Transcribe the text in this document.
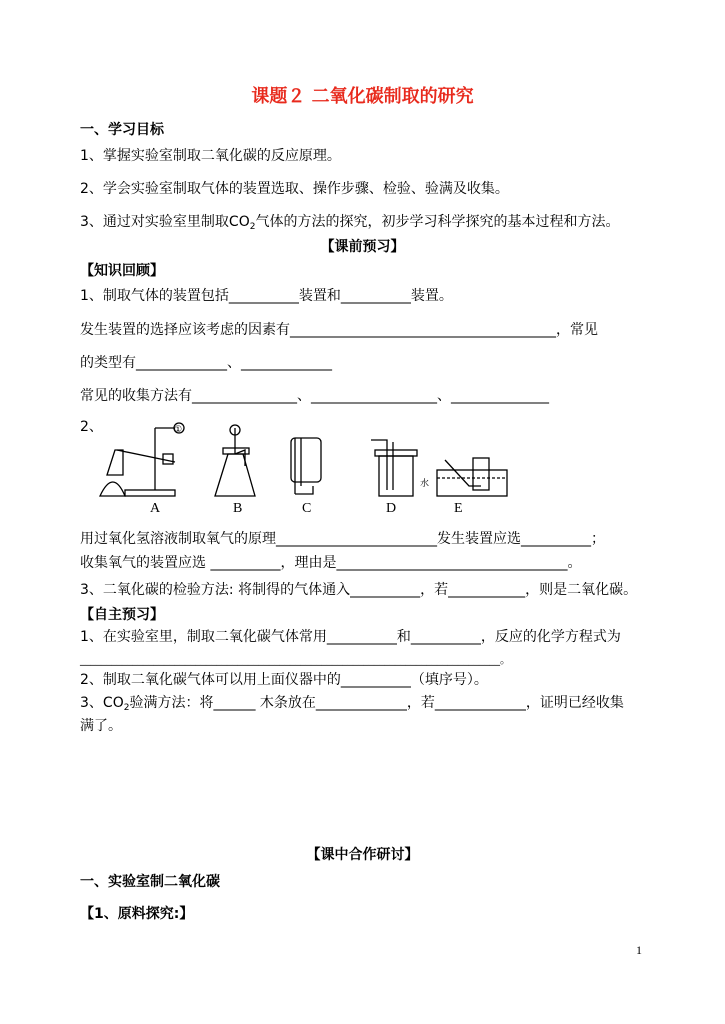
课题２ 二氧化碳制取的研究
一、学习目标
1、掌握实验室制取二氧化碳的反应原理。
2、学会实验室制取气体的装置选取、操作步骤、检验、验满及收集。
3、通过对实验室里制取$CO_2$气体的方法的探究，初步学习科学探究的基本过程和方法。
【课前预习】
【知识回顾】
1、制取气体的装置包括__________装置和__________装置。
发生装置的选择应该考虑的因素有______________________________________，常见
的类型有_____________、_____________
常见的收集方法有_______________、__________________、______________
2、	①
水
A	B	C	D	E
用过氧化氢溶液制取氧气的原理_______________________发生装置应选__________；
收集氧气的装置应选 __________，理由是_________________________________。
3、二氧化碳的检验方法: 将制得的气体通入__________，若___________，则是二氧化碳。
【自主预习】
1、在实验室里，制取二氧化碳气体常用__________和__________，反应的化学方程式为
________________________________________________________________________________。
2、制取二氧化碳气体可以用上面仪器中的__________（填序号）。
3、$CO_2$验满方法：将______ 木条放在_____________，若_____________，证明已经收集
满了。
【课中合作研讨】
一、实验室制二氧化碳
【1、原料探究:】
1
